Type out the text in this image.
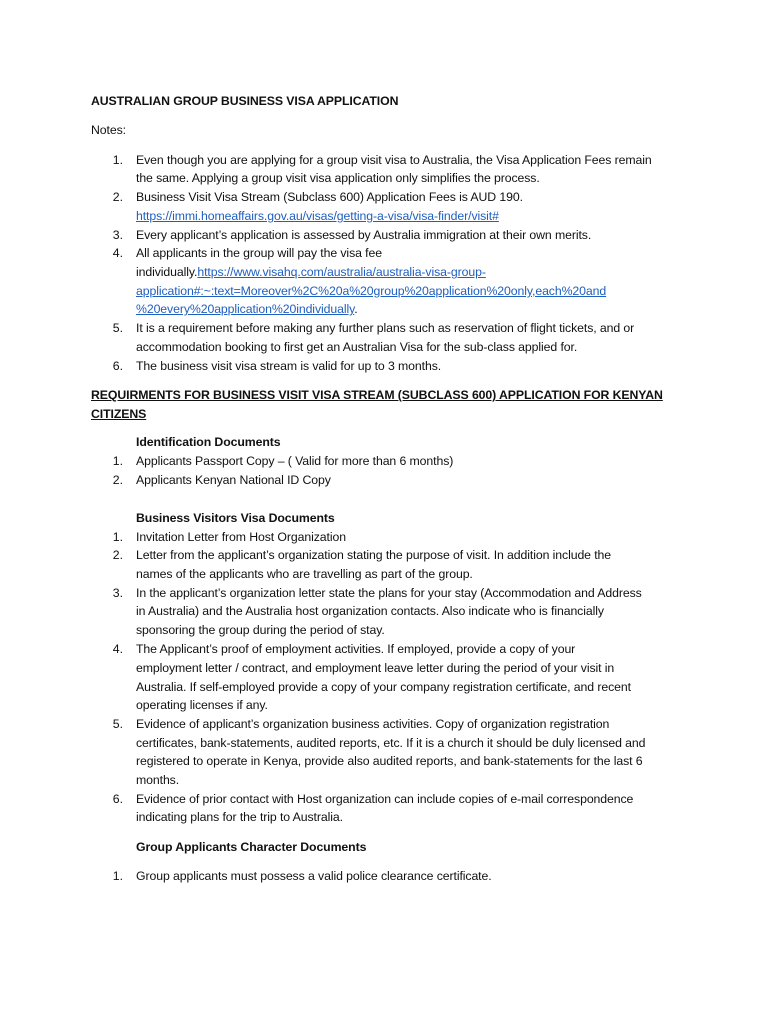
AUSTRALIAN GROUP BUSINESS VISA APPLICATION

Notes:

1. Even though you are applying for a group visit visa to Australia, the Visa Application Fees remain

the same. Applying a group visit visa application only simplifies the process.

2. Business Visit Visa Stream (Subclass 600) Application Fees is AUD 190.

https://immi.homeaffairs.gov.au/visas/getting-a-visa/visa-finder/visit#

3. Every applicant’s application is assessed by Australia immigration at their own merits.

4. All applicants in the group will pay the visa fee

individually.https://www.visahq.com/australia/australia-visa-group-

application#:~:text=Moreover%2C%20a%20group%20application%20only,each%20and

%20every%20application%20individually.

5. It is a requirement before making any further plans such as reservation of flight tickets, and or

accommodation booking to first get an Australian Visa for the sub-class applied for.

6. The business visit visa stream is valid for up to 3 months.

REQUIRMENTS FOR BUSINESS VISIT VISA STREAM (SUBCLASS 600) APPLICATION FOR KENYAN

CITIZENS

Identification Documents

1. Applicants Passport Copy – ( Valid for more than 6 months)

2. Applicants Kenyan National ID Copy

Business Visitors Visa Documents

1. Invitation Letter from Host Organization

2. Letter from the applicant’s organization stating the purpose of visit. In addition include the

names of the applicants who are travelling as part of the group.

3. In the applicant’s organization letter state the plans for your stay (Accommodation and Address

in Australia) and the Australia host organization contacts. Also indicate who is financially

sponsoring the group during the period of stay.

4. The Applicant’s proof of employment activities. If employed, provide a copy of your

employment letter / contract, and employment leave letter during the period of your visit in

Australia. If self-employed provide a copy of your company registration certificate, and recent

operating licenses if any.

5. Evidence of applicant’s organization business activities. Copy of organization registration

certificates, bank-statements, audited reports, etc. If it is a church it should be duly licensed and

registered to operate in Kenya, provide also audited reports, and bank-statements for the last 6

months.

6. Evidence of prior contact with Host organization can include copies of e-mail correspondence

indicating plans for the trip to Australia.

Group Applicants Character Documents

1. Group applicants must possess a valid police clearance certificate.
